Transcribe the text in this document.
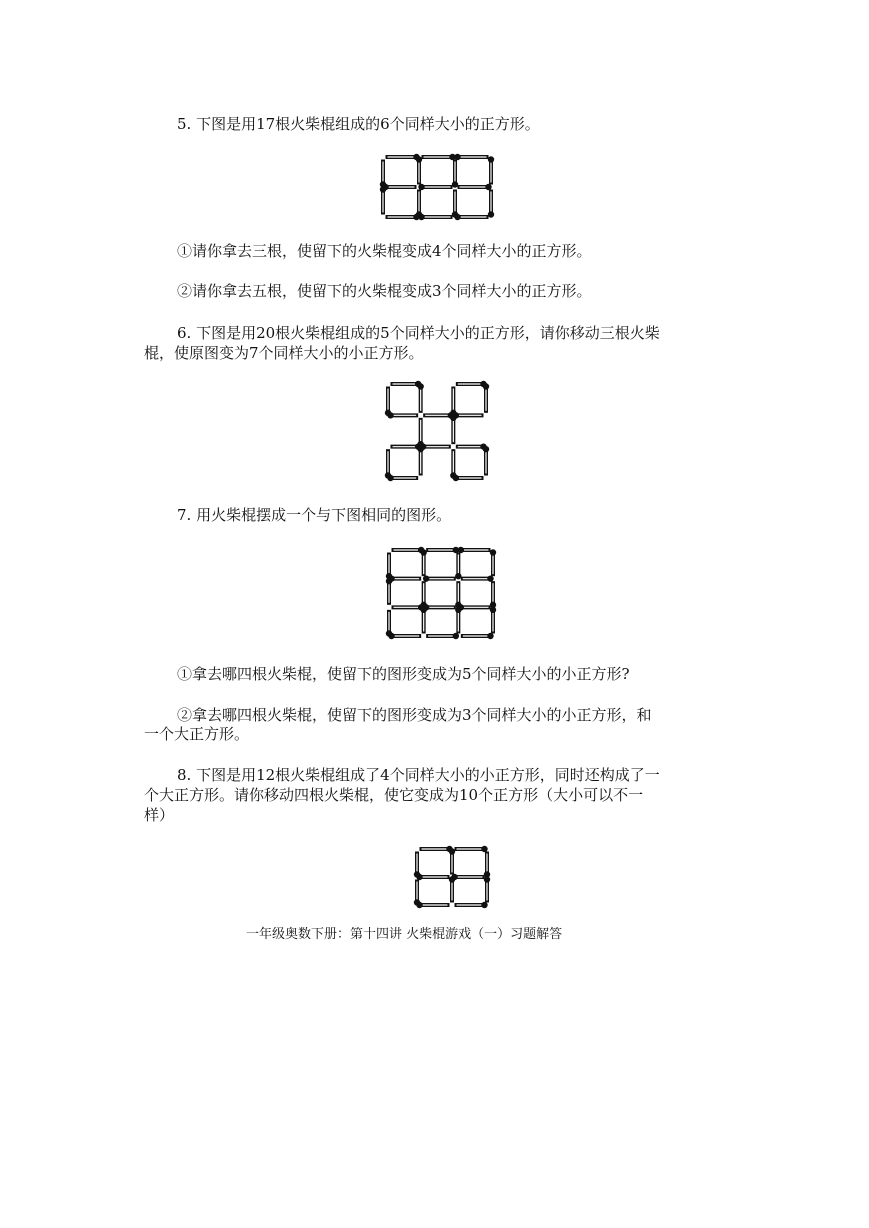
5. 下图是用17根火柴棍组成的6个同样大小的正方形。
①请你拿去三根，使留下的火柴棍变成4个同样大小的正方形。
②请你拿去五根，使留下的火柴棍变成3个同样大小的正方形。
6. 下图是用20根火柴棍组成的5个同样大小的正方形，请你移动三根火柴
棍，使原图变为7个同样大小的小正方形。
7. 用火柴棍摆成一个与下图相同的图形。
①拿去哪四根火柴棍，使留下的图形变成为5个同样大小的小正方形?
②拿去哪四根火柴棍，使留下的图形变成为3个同样大小的小正方形，和
一个大正方形。
8. 下图是用12根火柴棍组成了4个同样大小的小正方形，同时还构成了一
个大正方形。请你移动四根火柴棍，使它变成为10个正方形（大小可以不一
样）
一年级奥数下册：第十四讲 火柴棍游戏（一）习题解答
